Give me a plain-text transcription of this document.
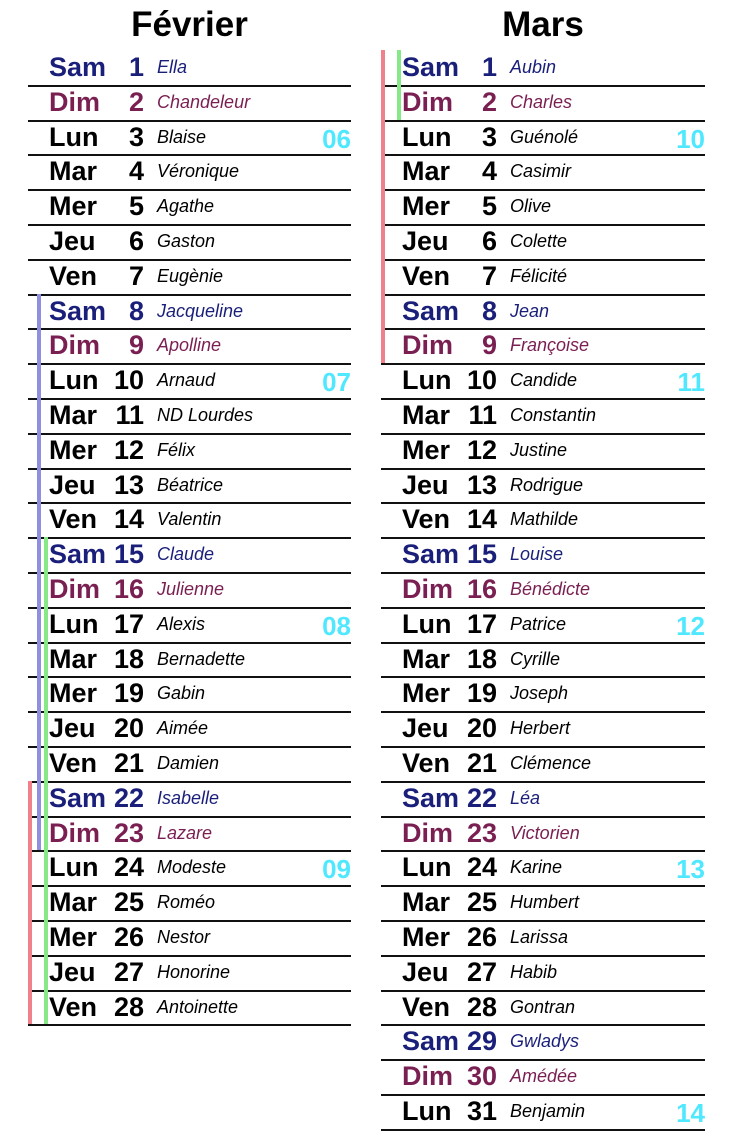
Février
Sam 1 Ella
Dim	2 Chandeleur
Lun	3 Blaise	06
Mar	4 Véronique
Mer	5 Agathe
Jeu	6 Gaston
Ven	7 Eugènie
Sam 8 Jacqueline
Dim	9 Apolline
Lun 10 Arnaud	07
Mar 11 ND Lourdes
Mer 12 Félix
Jeu 13 Béatrice
Ven 14 Valentin
Sam 15 Claude
Dim 16 Julienne
Lun 17 Alexis	08
Mar 18 Bernadette
Mer 19 Gabin
Jeu 20 Aimée
Ven 21 Damien
Sam 22 Isabelle
Dim 23 Lazare
Lun 24 Modeste	09
Mar 25 Roméo
Mer 26 Nestor
Jeu 27 Honorine
Ven 28 Antoinette
Mars
Sam 1 Aubin
Dim	2 Charles
Lun	3 Guénolé	10
Mar	4 Casimir
Mer	5 Olive
Jeu	6 Colette
Ven	7 Félicité
Sam 8 Jean
Dim	9 Françoise
Lun 10 Candide	11
Mar 11 Constantin
Mer 12 Justine
Jeu 13 Rodrigue
Ven 14 Mathilde
Sam 15 Louise
Dim 16 Bénédicte
Lun 17 Patrice	12
Mar 18 Cyrille
Mer 19 Joseph
Jeu 20 Herbert
Ven 21 Clémence
Sam 22 Léa
Dim 23 Victorien
Lun 24 Karine	13
Mar 25 Humbert
Mer 26 Larissa
Jeu 27 Habib
Ven 28 Gontran
Sam 29 Gwladys
Dim 30 Amédée
Lun 31 Benjamin	14
